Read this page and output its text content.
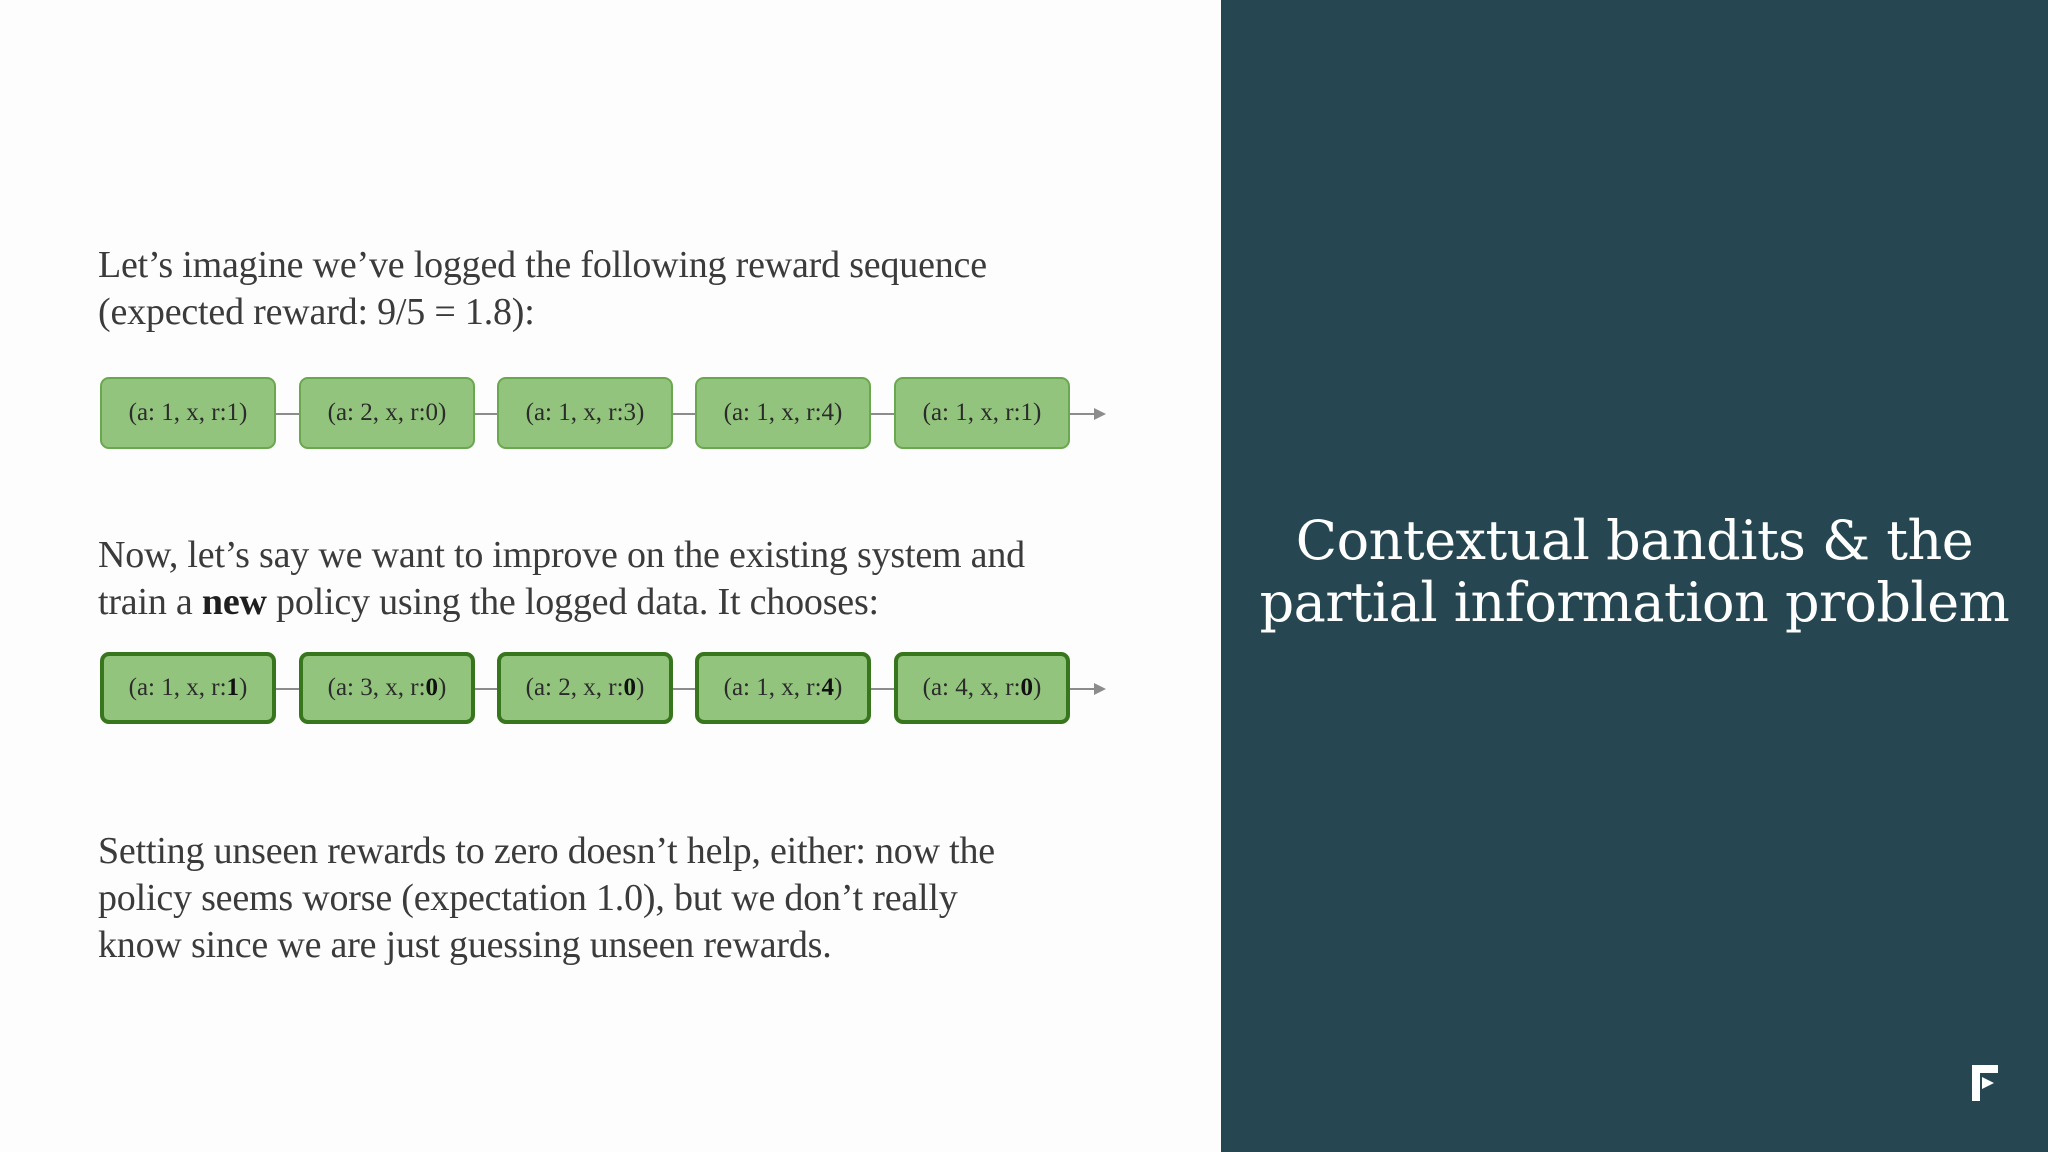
Let’s imagine we’ve logged the following reward sequence
(expected reward: 9/5 = 1.8):

(a: 1, x, r: 1 )	(a: 2, x, r: 0 )	(a: 1, x, r: 3 )	(a: 1, x, r: 4 )	(a: 1, x, r: 1 )

Now, let’s say we want to improve on the existing system and
train a new policy using the logged data. It chooses:

(a: 1, x, r: 1 )	(a: 3, x, r: 0 )	(a: 2, x, r: 0 )	(a: 1, x, r: 4 )	(a: 4, x, r: 0 )

Setting unseen rewards to zero doesn’t help, either: now the
policy seems worse (expectation 1.0), but we don’t really
know since we are just guessing unseen rewards.

Contextual bandits & the
partial information problem
